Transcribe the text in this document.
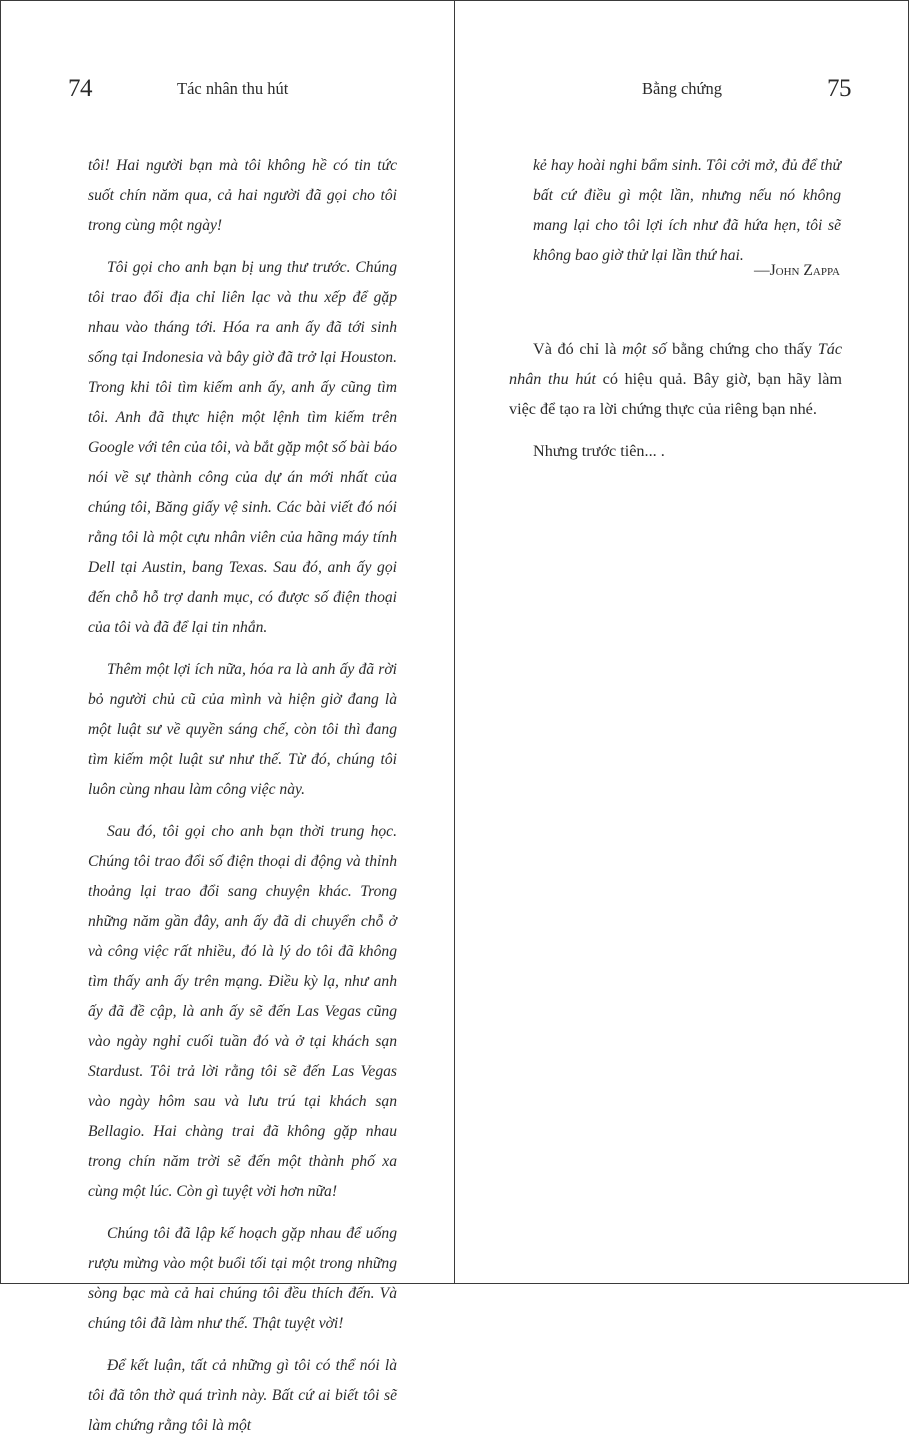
74	Tác nhân thu hút

tôi! Hai người bạn mà tôi không hề có tin tức suốt chín năm qua, cả hai người đã gọi cho tôi trong cùng một ngày!

Tôi gọi cho anh bạn bị ung thư trước. Chúng tôi trao đổi địa chỉ liên lạc và thu xếp để gặp nhau vào tháng tới. Hóa ra anh ấy đã tới sinh sống tại Indonesia và bây giờ đã trở lại Houston. Trong khi tôi tìm kiếm anh ấy, anh ấy cũng tìm tôi. Anh đã thực hiện một lệnh tìm kiếm trên Google với tên của tôi, và bắt gặp một số bài báo nói về sự thành công của dự án mới nhất của chúng tôi, Băng giấy vệ sinh. Các bài viết đó nói rằng tôi là một cựu nhân viên của hãng máy tính Dell tại Austin, bang Texas. Sau đó, anh ấy gọi đến chỗ hỗ trợ danh mục, có được số điện thoại của tôi và đã để lại tin nhắn.

Thêm một lợi ích nữa, hóa ra là anh ấy đã rời bỏ người chủ cũ của mình và hiện giờ đang là một luật sư về quyền sáng chế, còn tôi thì đang tìm kiếm một luật sư như thế. Từ đó, chúng tôi luôn cùng nhau làm công việc này.

Sau đó, tôi gọi cho anh bạn thời trung học. Chúng tôi trao đổi số điện thoại di động và thỉnh thoảng lại trao đổi sang chuyện khác. Trong những năm gần đây, anh ấy đã di chuyển chỗ ở và công việc rất nhiều, đó là lý do tôi đã không tìm thấy anh ấy trên mạng. Điều kỳ lạ, như anh ấy đã đề cập, là anh ấy sẽ đến Las Vegas cũng vào ngày nghỉ cuối tuần đó và ở tại khách sạn Stardust. Tôi trả lời rằng tôi sẽ đến Las Vegas vào ngày hôm sau và lưu trú tại khách sạn Bellagio. Hai chàng trai đã không gặp nhau trong chín năm trời sẽ đến một thành phố xa cùng một lúc. Còn gì tuyệt vời hơn nữa!

Chúng tôi đã lập kế hoạch gặp nhau để uống rượu mừng vào một buổi tối tại một trong những sòng bạc mà cả hai chúng tôi đều thích đến. Và chúng tôi đã làm như thế. Thật tuyệt vời!

Để kết luận, tất cả những gì tôi có thể nói là tôi đã tôn thờ quá trình này. Bất cứ ai biết tôi sẽ làm chứng rằng tôi là một

Bằng chứng	75

kẻ hay hoài nghi bẩm sinh. Tôi cởi mở, đủ để thử bất cứ điều gì một lần, nhưng nếu nó không mang lại cho tôi lợi ích như đã hứa hẹn, tôi sẽ không bao giờ thử lại lần thứ hai.

—John Zappa

Và đó chỉ là một số bằng chứng cho thấy Tác nhân thu hút có hiệu quả. Bây giờ, bạn hãy làm việc để tạo ra lời chứng thực của riêng bạn nhé.

Nhưng trước tiên... .
